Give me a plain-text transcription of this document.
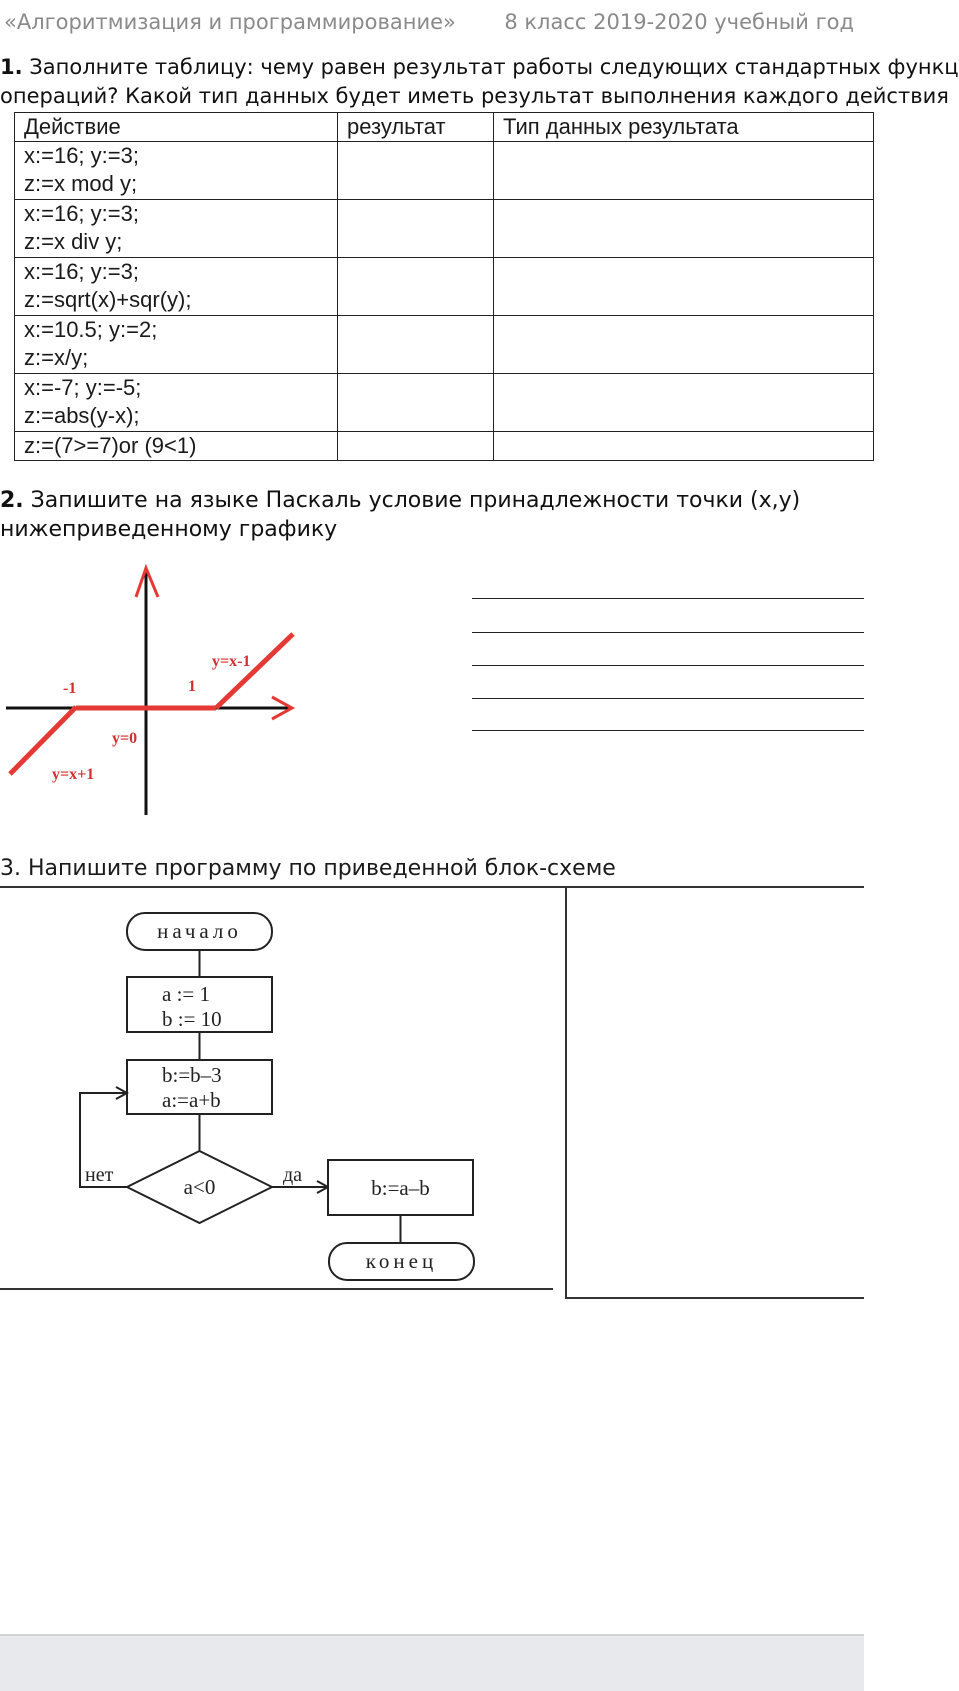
«Алгоритмизация и программирование» 8 класс 2019-2020 учебный год
1. Заполните таблицу: чему равен результат работы следующих стандартных функц
операций? Какой тип данных будет иметь результат выполнения каждого действия
Действие	результат	Тип данных результата

x:=16; y:=3;
z:=x mod y;		

x:=16; y:=3;
z:=x div y;		

x:=16; y:=3;
z:=sqrt(x)+sqr(y);		

x:=10.5; y:=2;
z:=x/y;		

x:=-7; y:=-5;
z:=abs(y-x);		

z:=(7>=7)or (9<1)		

2. Запишите на языке Паскаль условие принадлежности точки (x,y)
нижеприведенному графику
-1	1
y=x-1
y=0
y=x+1
3. Напишите программу по приведенной блок-схеме
начало
a := 1
b := 10
b:=b–3
a:=a+b
a<0
нет	да
b:=a–b
конец
